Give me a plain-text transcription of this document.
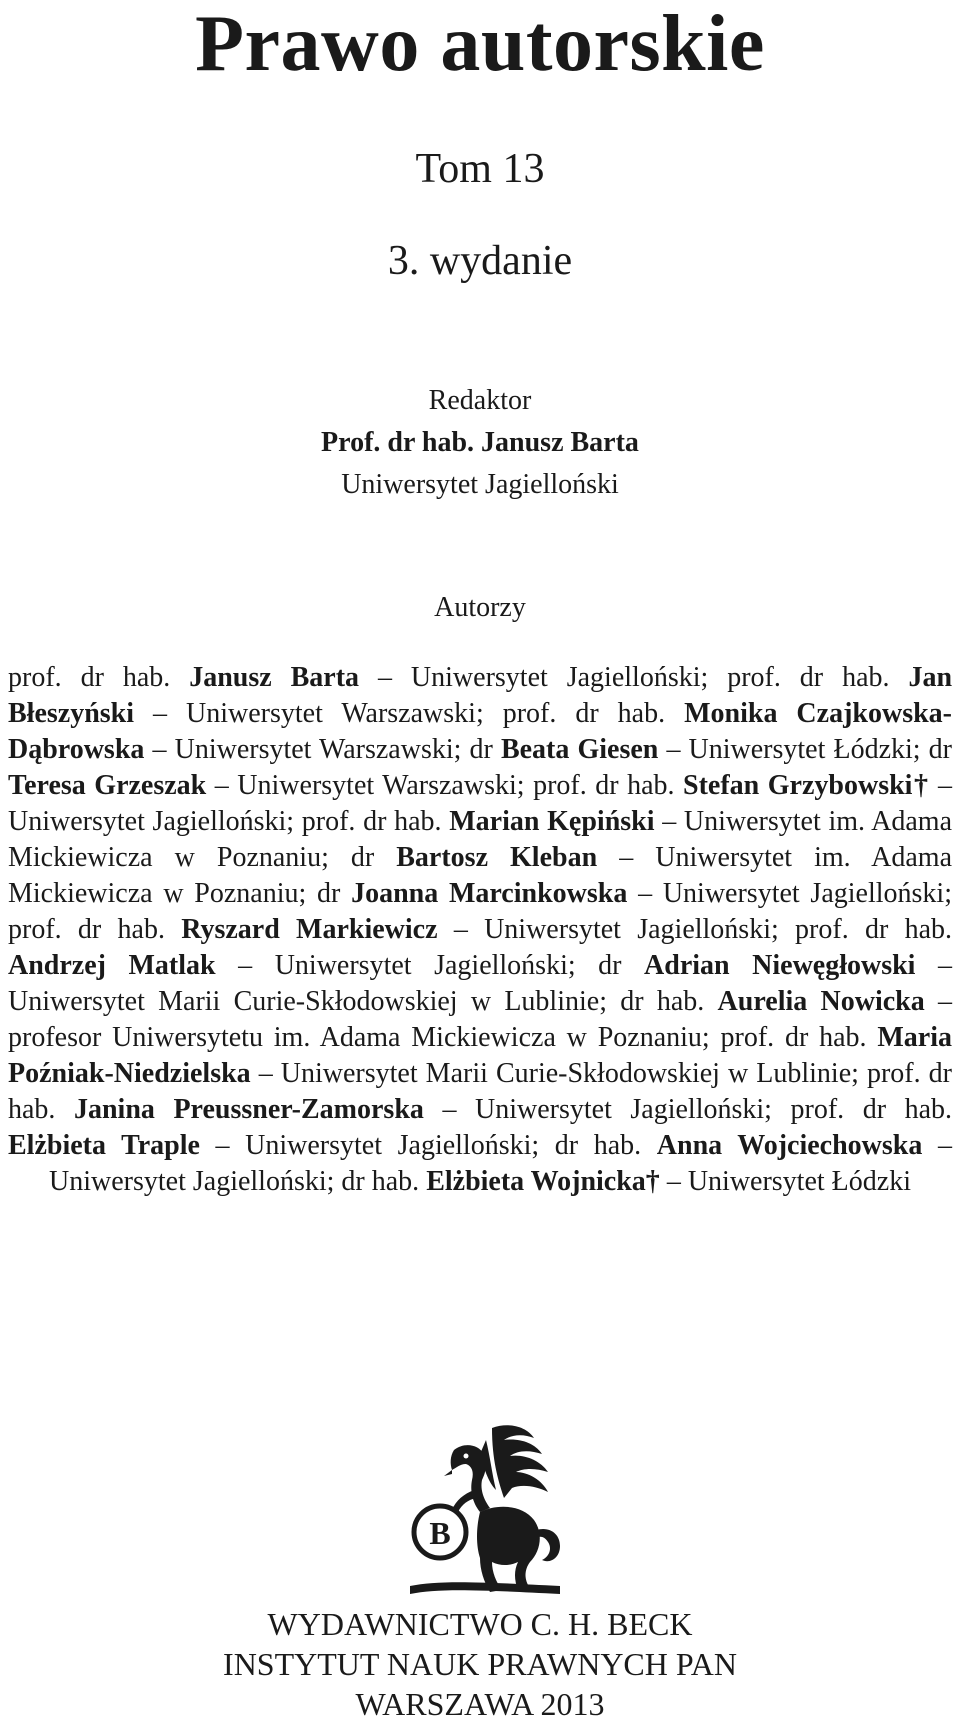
Prawo autorskie
Tom 13
3. wydanie
Redaktor
Prof. dr hab. Janusz Barta
Uniwersytet Jagielloński
Autorzy
prof. dr hab. Janusz Barta – Uniwersytet Jagielloński; prof. dr hab. Jan Błeszyński – Uniwersytet Warszawski; prof. dr hab. Monika Czajkowska-Dąbrowska – Uniwersytet Warszawski; dr Beata Giesen – Uniwersytet Łódzki; dr Teresa Grzeszak – Uniwersytet Warszawski; prof. dr hab. Stefan Grzybowski† – Uniwersytet Jagielloński; prof. dr hab. Marian Kępiński – Uniwersytet im. Adama Mickiewicza w Poznaniu; dr Bartosz Kleban – Uniwersytet im. Adama Mickiewicza w Poznaniu; dr Joanna Marcinkowska – Uniwersytet Jagielloński; prof. dr hab. Ryszard Markiewicz – Uniwersytet Jagielloński; prof. dr hab. Andrzej Matlak – Uniwersytet Jagielloński; dr Adrian Niewęgłowski – Uniwersytet Marii Curie-Skłodowskiej w Lublinie; dr hab. Aurelia Nowicka – profesor Uniwersytetu im. Adama Mickiewicza w Poznaniu; prof. dr hab. Maria Poźniak-Niedzielska – Uniwersytet Marii Curie-Skłodowskiej w Lublinie; prof. dr hab. Janina Preussner-Zamorska – Uniwersytet Jagielloński; prof. dr hab. Elżbieta Traple – Uniwersytet Jagielloński; dr hab. Anna Wojciechowska – Uniwersytet Jagielloński; dr hab. Elżbieta Wojnicka† – Uniwersytet Łódzki
B
WYDAWNICTWO C. H. BECK
INSTYTUT NAUK PRAWNYCH PAN
WARSZAWA 2013
